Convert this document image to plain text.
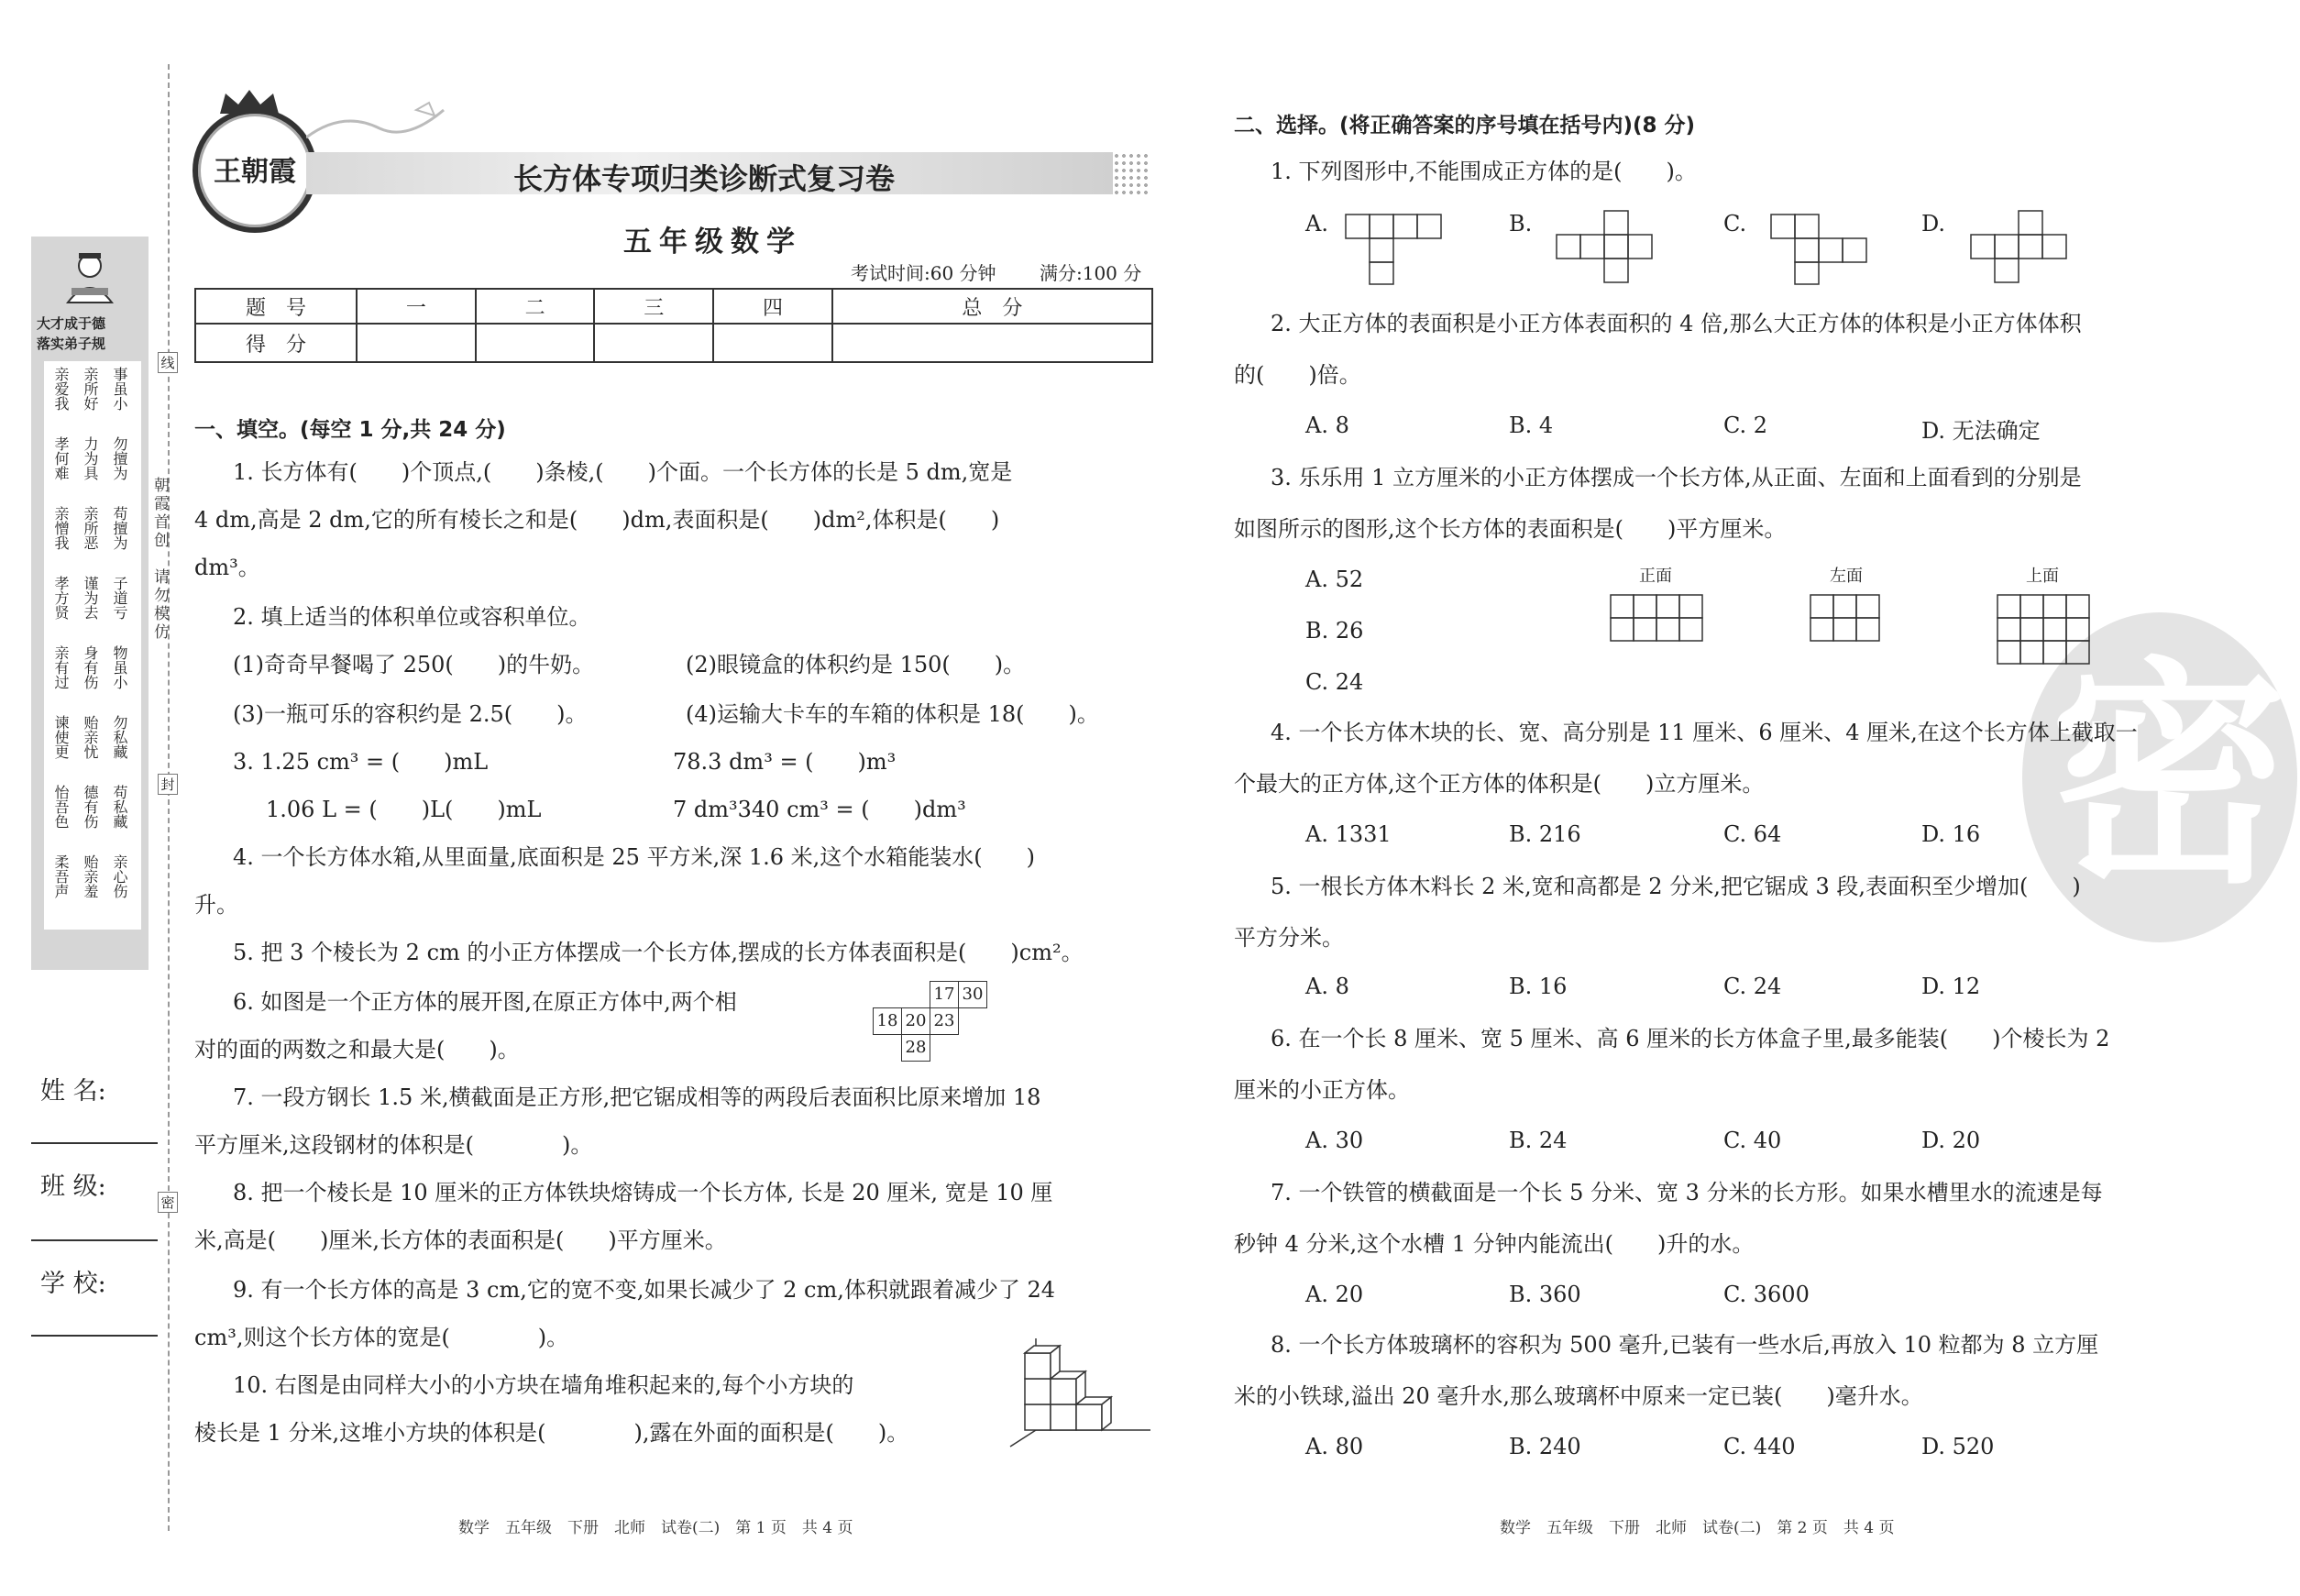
大才成于德
落实弟子规
亲爱我 亲所好 事虽小
孝何难 力为具 勿擅为
亲憎我 亲所恶 苟擅为
孝方贤 谨为去 子道亏
亲有过 身有伤 物虽小
谏使更 贻亲忧 勿私藏
怡吾色 德有伤 苟私藏
柔吾声 贻亲羞 亲心伤
朝霞首创　请勿模仿
线
封
密
姓 名:
班 级:
学 校:
王朝霞	长方体专项归类诊断式复习卷
五年级数学
考试时间:60 分钟 满分:100 分
题　号	一	二	三	四	总　分
得　分					
一、填空。(每空 1 分,共 24 分)
1. 长方体有(　　)个顶点,(　　)条棱,(　　)个面。一个长方体的长是 5 dm,宽是
4 dm,高是 2 dm,它的所有棱长之和是(　　)dm,表面积是(　　)dm²,体积是(　　)
dm³。
2. 填上适当的体积单位或容积单位。
(1)奇奇早餐喝了 250(　　)的牛奶。	(2)眼镜盒的体积约是 150(　　)。
(3)一瓶可乐的容积约是 2.5(　　)。	(4)运输大卡车的车箱的体积是 18(　　)。
3. 1.25 cm³ = (　　)mL	78.3 dm³ = (　　)m³
1.06 L = (　　)L(　　)mL	7 dm³340 cm³ = (　　)dm³
4. 一个长方体水箱,从里面量,底面积是 25 平方米,深 1.6 米,这个水箱能装水(　　)
升。
5. 把 3 个棱长为 2 cm 的小正方体摆成一个长方体,摆成的长方体表面积是(　　)cm²。
6. 如图是一个正方体的展开图,在原正方体中,两个相
对的面的两数之和最大是(　　)。
17 30
18 20 23
28
7. 一段方钢长 1.5 米,横截面是正方形,把它锯成相等的两段后表面积比原来增加 18
平方厘米,这段钢材的体积是(　　　　)。
8. 把一个棱长是 10 厘米的正方体铁块熔铸成一个长方体, 长是 20 厘米, 宽是 10 厘
米,高是(　　)厘米,长方体的表面积是(　　)平方厘米。
9. 有一个长方体的高是 3 cm,它的宽不变,如果长减少了 2 cm,体积就跟着减少了 24
cm³,则这个长方体的宽是(　　　　)。
10. 右图是由同样大小的小方块在墙角堆积起来的,每个小方块的
棱长是 1 分米,这堆小方块的体积是(　　　　),露在外面的面积是(　　)。
数学　五年级　下册　北师　试卷(二)　第 1 页　共 4 页
密
二、选择。(将正确答案的序号填在括号内)(8 分)
1. 下列图形中,不能围成正方体的是(　　)。
A.	B.	C.	D.
2. 大正方体的表面积是小正方体表面积的 4 倍,那么大正方体的体积是小正方体体积
的(　　)倍。
A. 8	B. 4	C. 2	D. 无法确定
3. 乐乐用 1 立方厘米的小正方体摆成一个长方体,从正面、左面和上面看到的分别是
如图所示的图形,这个长方体的表面积是(　　)平方厘米。
A. 52
B. 26
C. 24
正面	左面	上面
4. 一个长方体木块的长、宽、高分别是 11 厘米、6 厘米、4 厘米,在这个长方体上截取一
个最大的正方体,这个正方体的体积是(　　)立方厘米。
A. 1331	B. 216	C. 64	D. 16
5. 一根长方体木料长 2 米,宽和高都是 2 分米,把它锯成 3 段,表面积至少增加(　　)
平方分米。
A. 8	B. 16	C. 24	D. 12
6. 在一个长 8 厘米、宽 5 厘米、高 6 厘米的长方体盒子里,最多能装(　　)个棱长为 2
厘米的小正方体。
A. 30	B. 24	C. 40	D. 20
7. 一个铁管的横截面是一个长 5 分米、宽 3 分米的长方形。如果水槽里水的流速是每
秒钟 4 分米,这个水槽 1 分钟内能流出(　　)升的水。
A. 20	B. 360	C. 3600
8. 一个长方体玻璃杯的容积为 500 毫升,已装有一些水后,再放入 10 粒都为 8 立方厘
米的小铁球,溢出 20 毫升水,那么玻璃杯中原来一定已装(　　)毫升水。
A. 80	B. 240	C. 440	D. 520
数学　五年级　下册　北师　试卷(二)　第 2 页　共 4 页
